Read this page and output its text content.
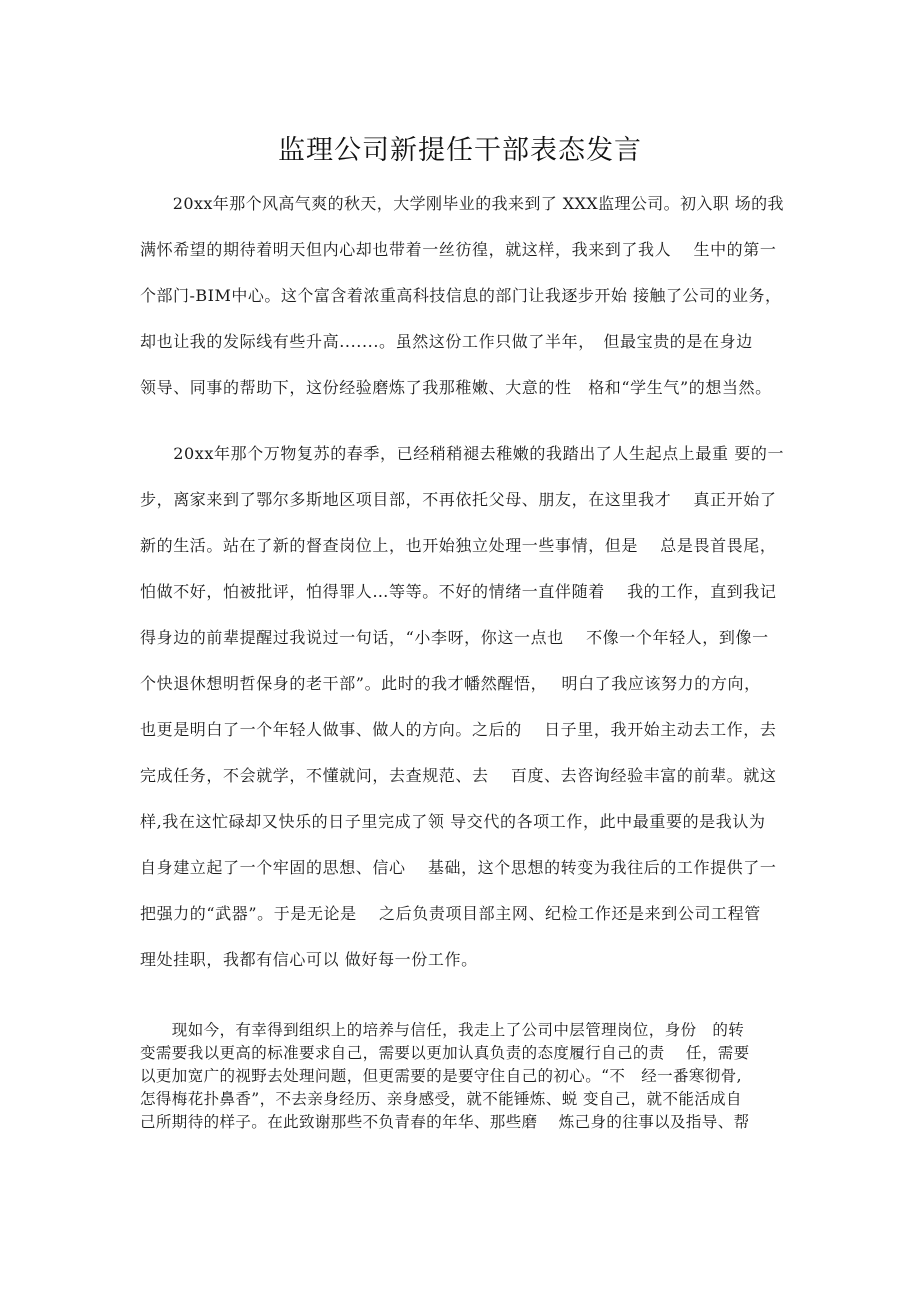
监理公司新提任干部表态发言
　　20xx年那个风高气爽的秋天，大学刚毕业的我来到了 XXX监理公司。初入职 场的我
满怀希望的期待着明天但内心却也带着一丝彷徨，就这样，我来到了我人　 生中的第一
个部门-BIM中心。这个富含着浓重高科技信息的部门让我逐步开始 接触了公司的业务，
却也让我的发际线有些升高.......。虽然这份工作只做了半年，　但最宝贵的是在身边
领导、同事的帮助下，这份经验磨炼了我那稚嫩、大意的性　格和“学生气”的想当然。
　　20xx年那个万物复苏的春季，已经稍稍褪去稚嫩的我踏出了人生起点上最重 要的一
步，离家来到了鄂尔多斯地区项目部，不再依托父母、朋友，在这里我才　 真正开始了
新的生活。站在了新的督查岗位上，也开始独立处理一些事情，但是　 总是畏首畏尾，
怕做不好，怕被批评，怕得罪人…等等。不好的情绪一直伴随着　 我的工作，直到我记
得身边的前辈提醒过我说过一句话，“小李呀，你这一点也　 不像一个年轻人，到像一
个快退休想明哲保身的老干部”。此时的我才幡然醒悟，　 明白了我应该努力的方向，
也更是明白了一个年轻人做事、做人的方向。之后的　 日子里，我开始主动去工作，去
完成任务，不会就学，不懂就问，去查规范、去　 百度、去咨询经验丰富的前辈。就这
样,我在这忙碌却又快乐的日子里完成了领 导交代的各项工作，此中最重要的是我认为
自身建立起了一个牢固的思想、信心　 基础，这个思想的转变为我往后的工作提供了一
把强力的“武器”。于是无论是　 之后负责项目部主网、纪检工作还是来到公司工程管
理处挂职，我都有信心可以 做好每一份工作。
　　现如今，有幸得到组织上的培养与信任，我走上了公司中层管理岗位，身份　的转
变需要我以更高的标准要求自己，需要以更加认真负责的态度履行自己的责　 任，需要
以更加宽广的视野去处理问题，但更需要的是要守住自己的初心。“不　经一番寒彻骨,
怎得梅花扑鼻香”，不去亲身经历、亲身感受，就不能锤炼、蜕 变自己，就不能活成自
己所期待的样子。在此致谢那些不负青春的年华、那些磨　 炼己身的往事以及指导、帮
